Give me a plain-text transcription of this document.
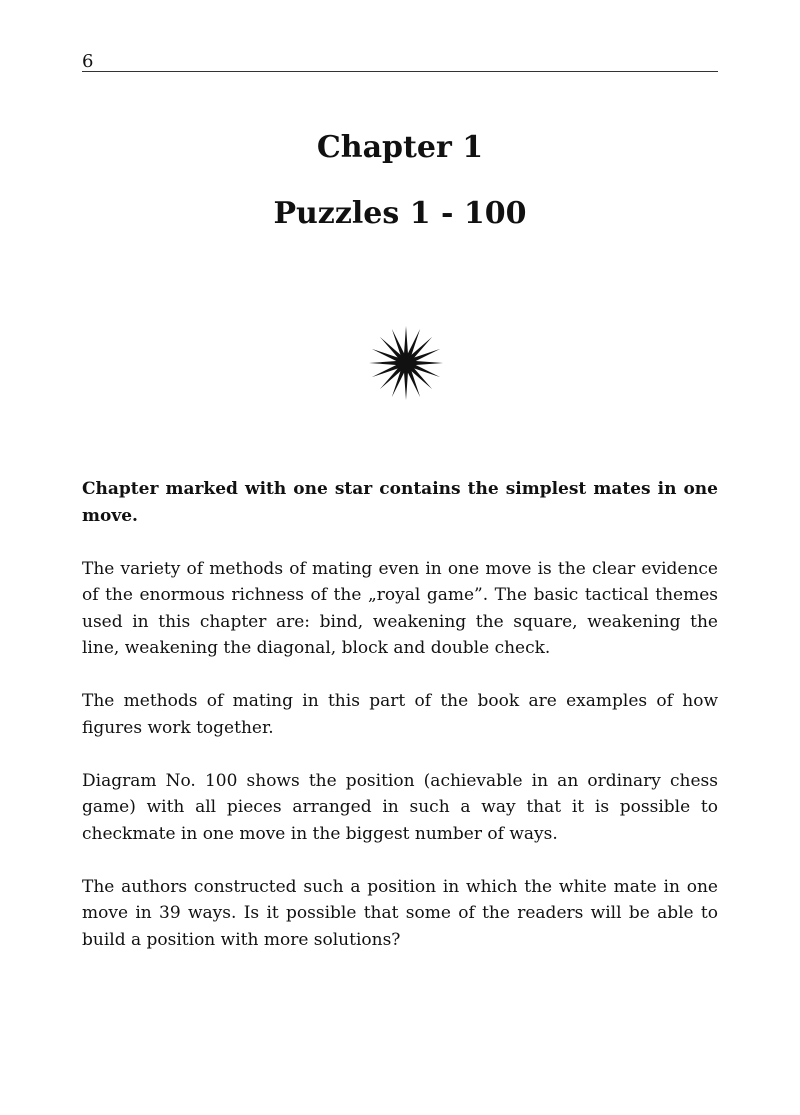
6
Chapter 1
Puzzles 1 - 100

Chapter marked with one star contains the simplest mates in one move.

The variety of methods of mating even in one move is the clear evidence of the enormous richness of the „royal game”. The basic tactical themes used in this chapter are: bind, weakening the square, weakening the line, weakening the diagonal, block and double check.

The methods of mating in this part of the book are examples of how figures work together.

Diagram No. 100 shows the position (achievable in an ordinary chess game) with all pieces arranged in such a way that it is possible to checkmate in one move in the biggest number of ways.

The authors constructed such a position in which the white mate in one move in 39 ways. Is it possible that some of the readers will be able to build a position with more solutions?
